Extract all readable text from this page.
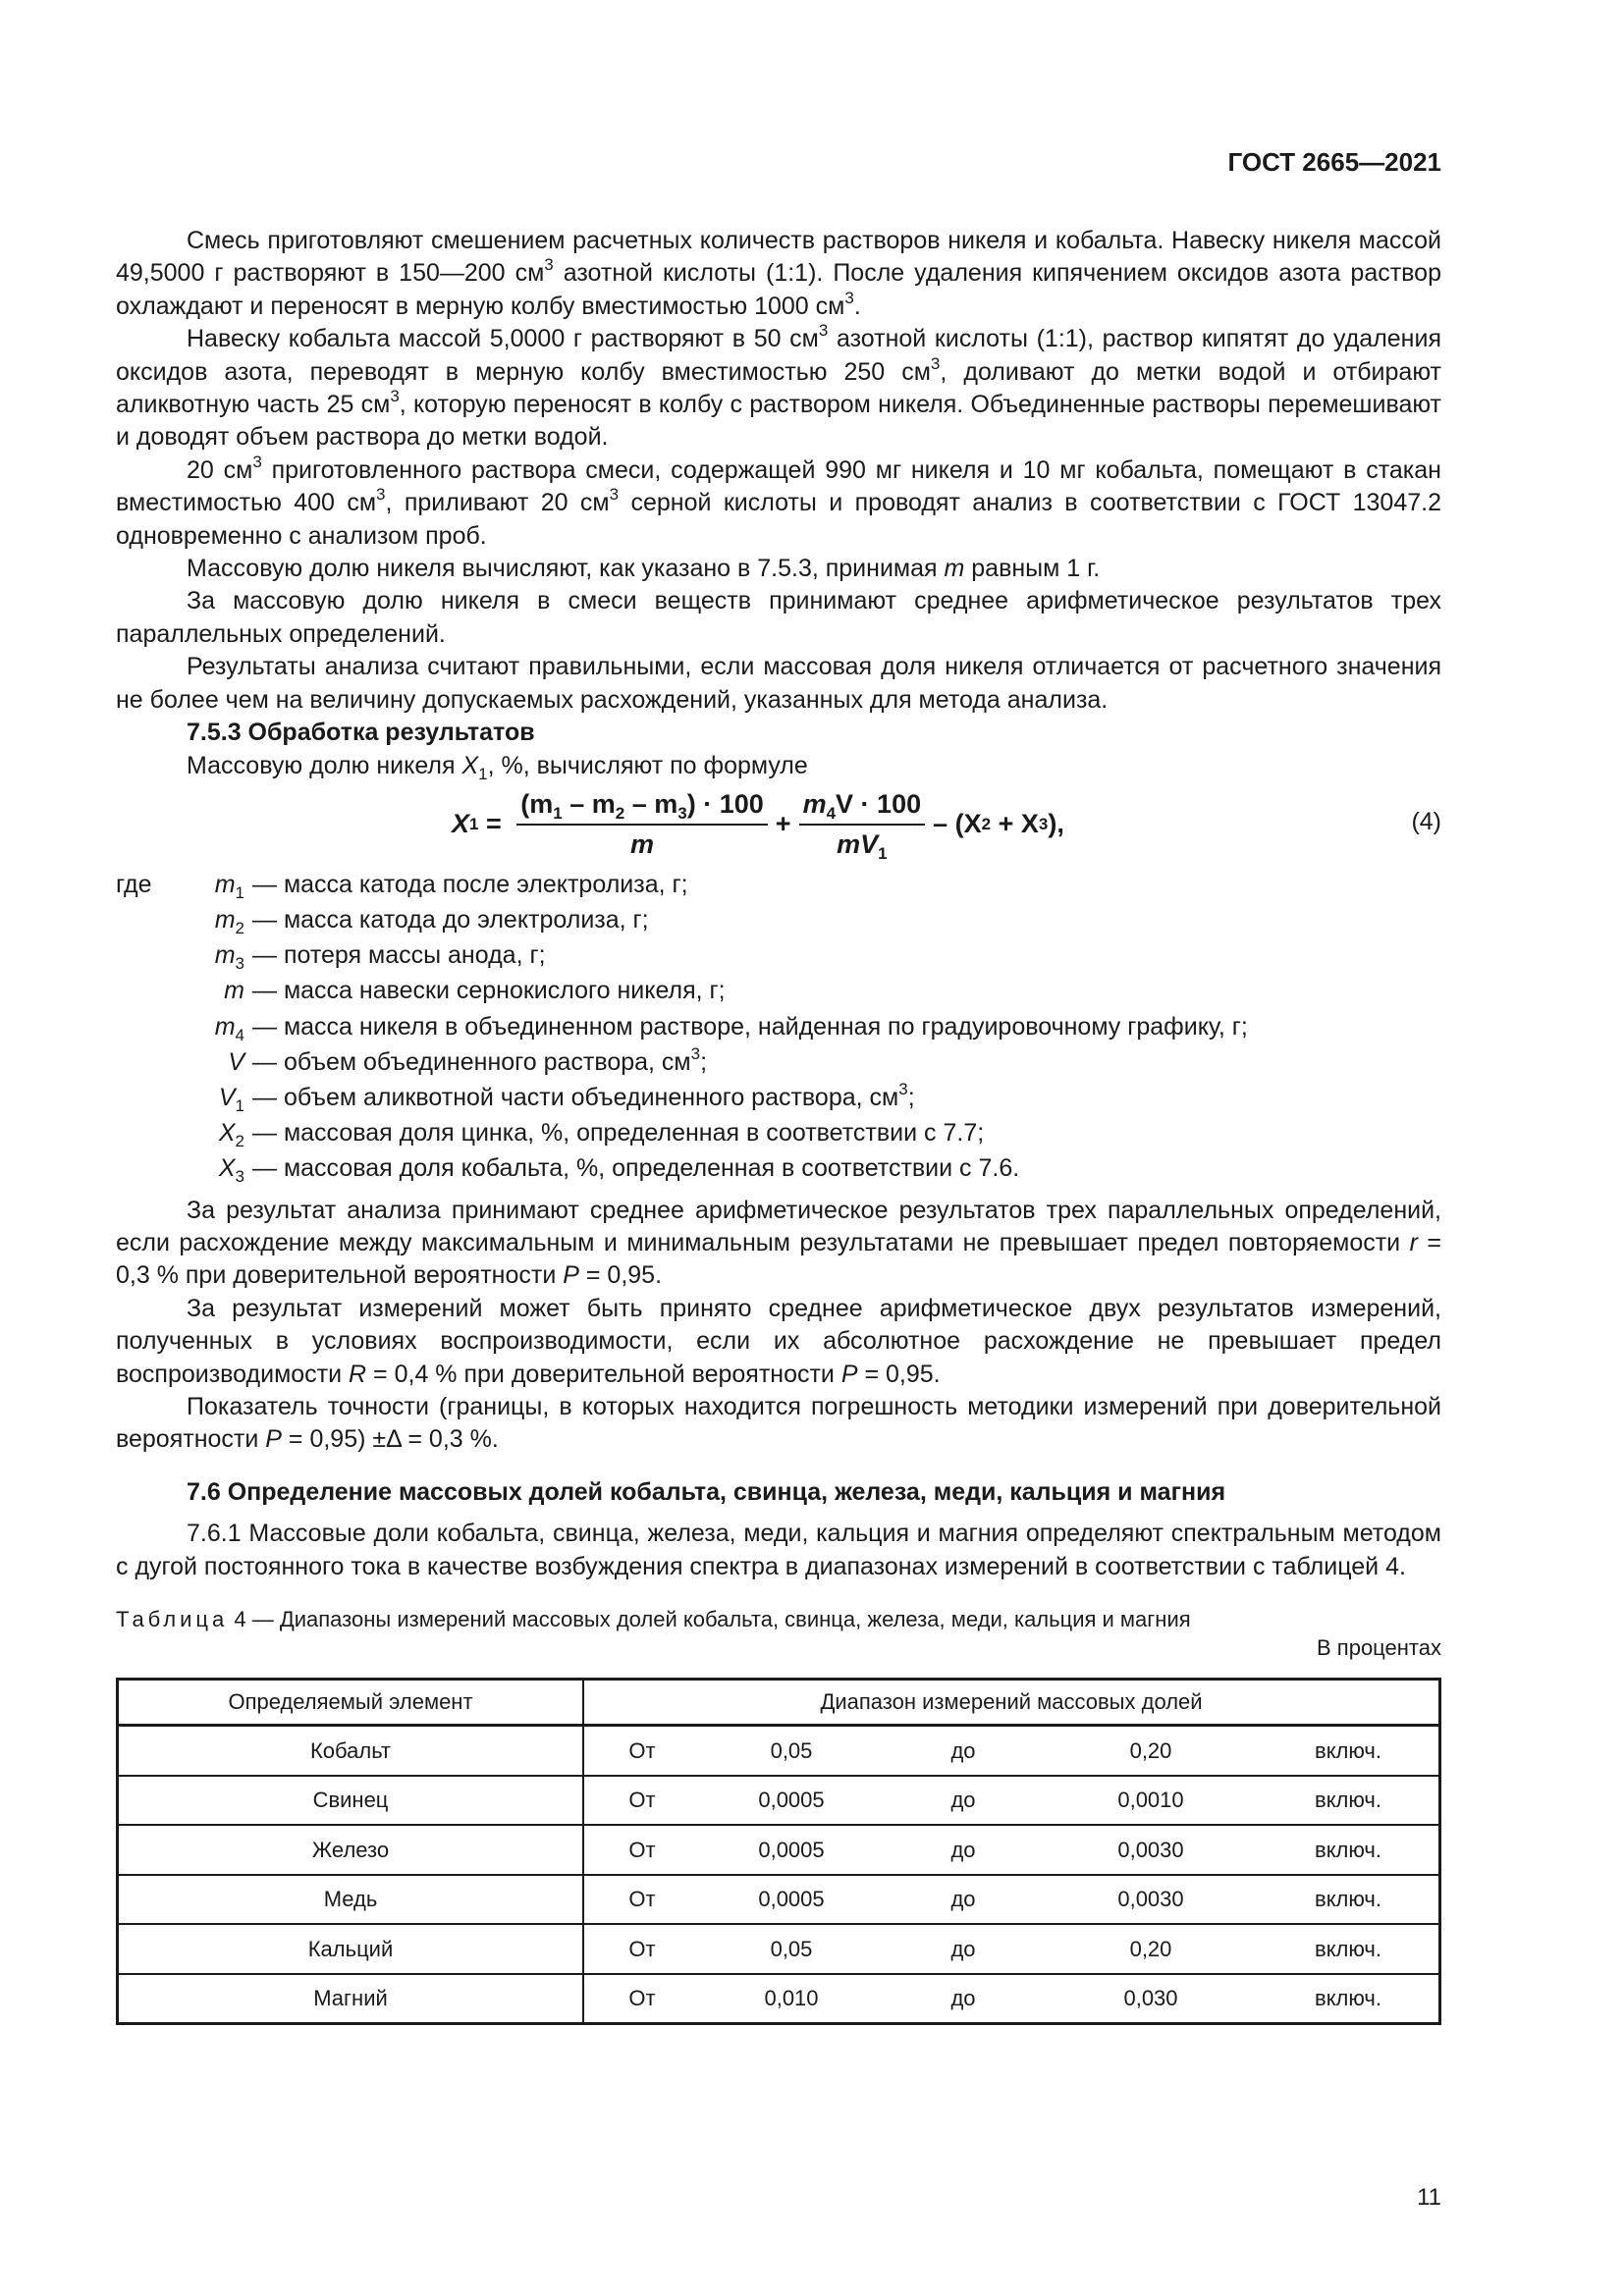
ГОСТ 2665—2021

Смесь приготовляют смешением расчетных количеств растворов никеля и кобальта. Навеску никеля массой 49,5000 г растворяют в 150—200 $см^3$ азотной кислоты (1:1). После удаления кипячением оксидов азота раствор охлаждают и переносят в мерную колбу вместимостью 1000 $см^3$.

Навеску кобальта массой 5,0000 г растворяют в 50 $см^3$ азотной кислоты (1:1), раствор кипятят до удаления оксидов азота, переводят в мерную колбу вместимостью 250 $см^3$, доливают до метки водой и отбирают аликвотную часть 25 $см^3$, которую переносят в колбу с раствором никеля. Объединенные растворы перемешивают и доводят объем раствора до метки водой.

20 $см^3$ приготовленного раствора смеси, содержащей 990 мг никеля и 10 мг кобальта, помещают в стакан вместимостью 400 $см^3$, приливают 20 $см^3$ серной кислоты и проводят анализ в соответствии с ГОСТ 13047.2 одновременно с анализом проб.

Массовую долю никеля вычисляют, как указано в 7.5.3, принимая m равным 1 г.

За массовую долю никеля в смеси веществ принимают среднее арифметическое результатов трех параллельных определений.

Результаты анализа считают правильными, если массовая доля никеля отличается от расчетного значения не более чем на величину допускаемых расхождений, указанных для метода анализа.

7.5.3 Обработка результатов

Массовую долю никеля $X_1$, %, вычисляют по формуле

X $1 = \frac{(m_1 - m_2 - m_3) \cdot 100}{m} + \frac{m_4V \cdot 100}{mV_1} - (X$ 2 + X 3 ),	(4)
где	$m_1$ — масса катода после электролиза, г;
$m_2$ — масса катода до электролиза, г;
$m_3$ — потеря массы анода, г;
m — масса навески сернокислого никеля, г;
$m_4$ — масса никеля в объединенном растворе, найденная по градуировочному графику, г;
V — объем объединенного раствора, $см^3$;
$V_1$ — объем аликвотной части объединенного раствора, $см^3$;
$X_2$ — массовая доля цинка, %, определенная в соответствии с 7.7;
$X_3$ — массовая доля кобальта, %, определенная в соответствии с 7.6.

За результат анализа принимают среднее арифметическое результатов трех параллельных определений, если расхождение между максимальным и минимальным результатами не превышает предел повторяемости r = 0,3 % при доверительной вероятности P = 0,95.

За результат измерений может быть принято среднее арифметическое двух результатов измерений, полученных в условиях воспроизводимости, если их абсолютное расхождение не превышает предел воспроизводимости R = 0,4 % при доверительной вероятности P = 0,95.

Показатель точности (границы, в которых находится погрешность методики измерений при доверительной вероятности P = 0,95) ±Δ = 0,3 %.

7.6 Определение массовых долей кобальта, свинца, железа, меди, кальция и магния

7.6.1 Массовые доли кобальта, свинца, железа, меди, кальция и магния определяют спектральным методом с дугой постоянного тока в качестве возбуждения спектра в диапазонах измерений в соответствии с таблицей 4.

Таблица 4 — Диапазоны измерений массовых долей кобальта, свинца, железа, меди, кальция и магния
В процентах
Определяемый элемент	Диапазон измерений массовых долей				
Кобальт	От	0,05	до	0,20	включ.
Свинец	От	0,0005	до	0,0010	включ.
Железо	От	0,0005	до	0,0030	включ.
Медь	От	0,0005	до	0,0030	включ.
Кальций	От	0,05	до	0,20	включ.
Магний	От	0,010	до	0,030	включ.
11
